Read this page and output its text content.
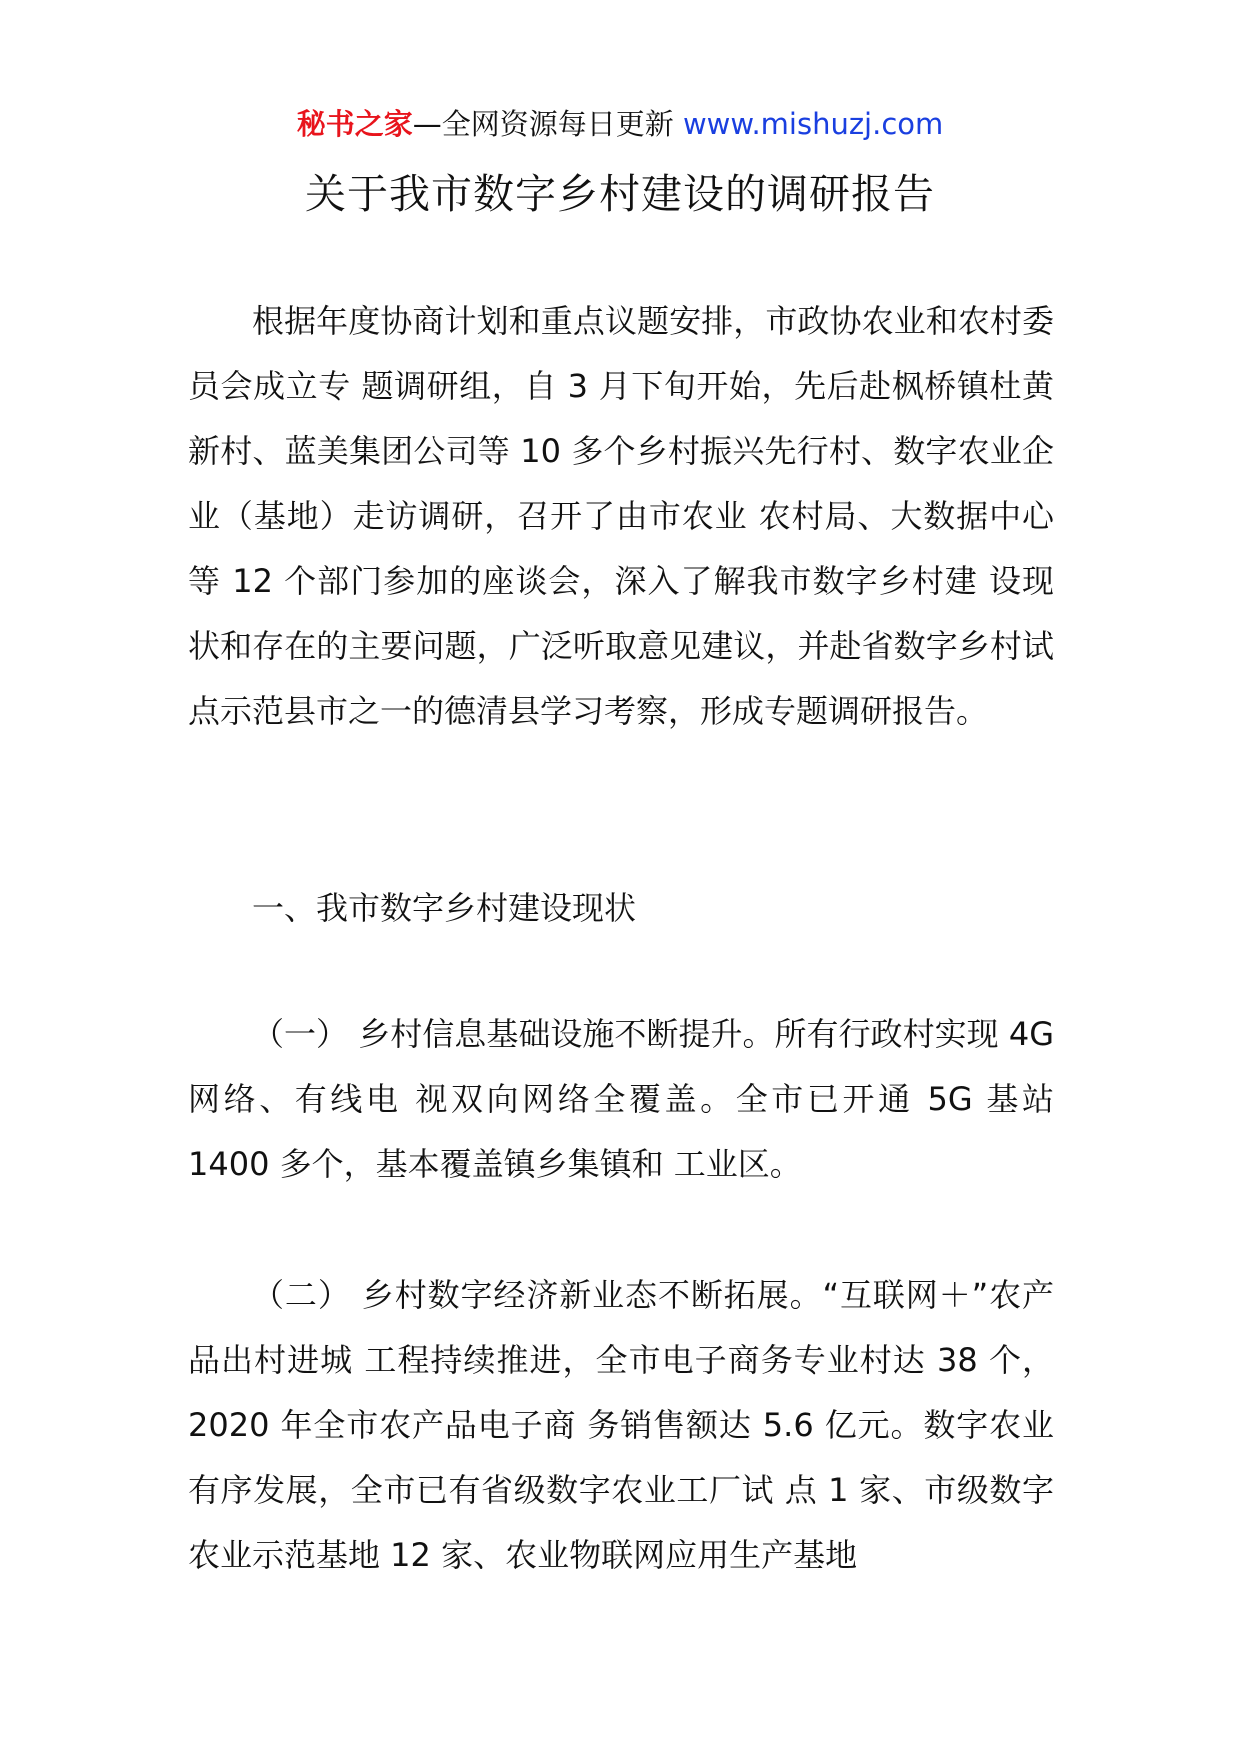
秘书之家—全网资源每日更新 www.mishuzj.com
关于我市数字乡村建设的调研报告

根据年度协商计划和重点议题安排，市政协农业和农村委员会成立专 题调研组，自 3 月下旬开始，先后赴枫桥镇杜黄新村、蓝美集团公司等 10 多个乡村振兴先行村、数字农业企业（基地）走访调研，召开了由市农业 农村局、大数据中心等 12 个部门参加的座谈会，深入了解我市数字乡村建 设现状和存在的主要问题，广泛听取意见建议，并赴省数字乡村试点示范县市之一的德清县学习考察，形成专题调研报告。

一、我市数字乡村建设现状

（一） 乡村信息基础设施不断提升。所有行政村实现 4G 网络、有线电 视双向网络全覆盖。全市已开通 5G 基站 1400 多个，基本覆盖镇乡集镇和 工业区。

（二） 乡村数字经济新业态不断拓展。“互联网＋”农产品出村进城 工程持续推进，全市电子商务专业村达 38 个，2020 年全市农产品电子商 务销售额达 5.6 亿元。数字农业有序发展，全市已有省级数字农业工厂试 点 1 家、市级数字农业示范基地 12 家、农业物联网应用生产基地
